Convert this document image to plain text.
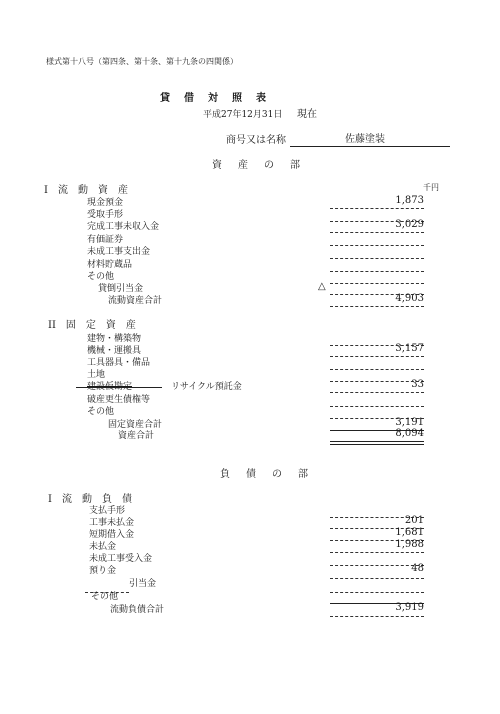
様式第十八号（第四条、第十条、第十九条の四関係）
貸　借　対　照　表
平成27年12月31日 現在
商号又は名称	佐藤塗装
資　産　の　部
千円
I　流　動　資　産
現金預金	1,873
受取手形
完成工事未収入金	3,029
有価証券
未成工事支出金
材料貯蔵品
その他
貸倒引当金	△
流動資産合計	4,903
II　固　定　資　産
建物・構築物
機械・運搬具	3,157
工具器具・備品
土地
建設仮勘定	リサイクル預託金	33
破産更生債権等
その他
固定資産合計	3,191
資産合計	8,094
負　債　の　部
I　流　動　負　債
支払手形
工事未払金	201
短期借入金	1,681
未払金	1,988
未成工事受入金
預り金	48
引当金
その他
流動負債合計	3,919
